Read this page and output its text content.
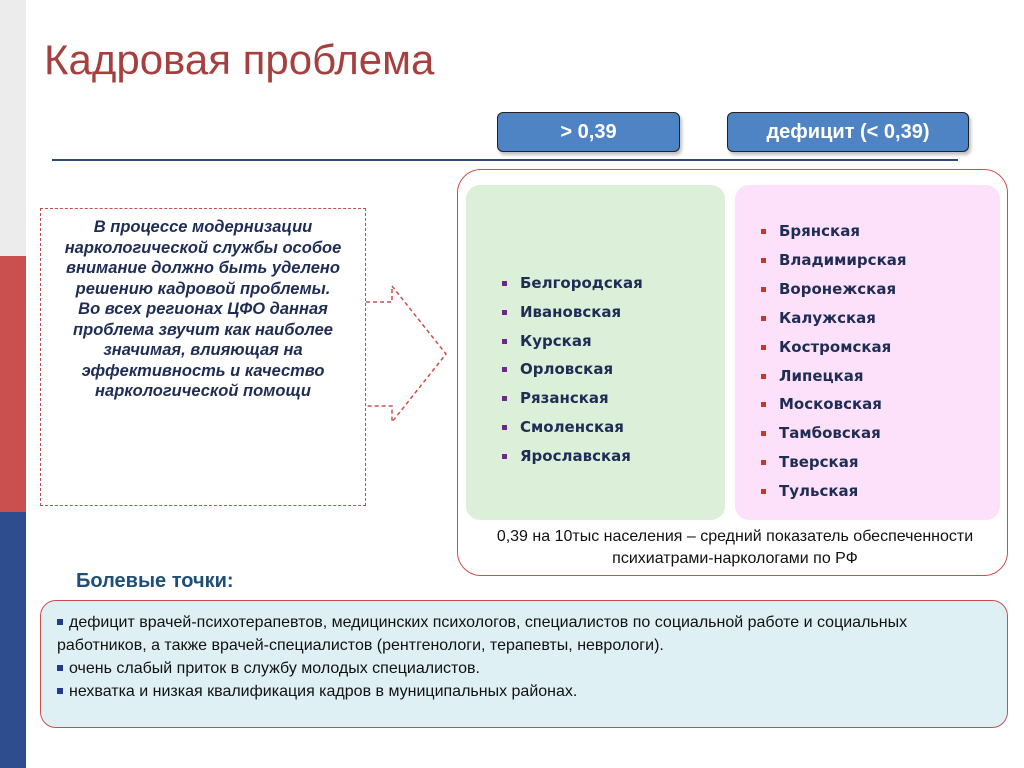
Кадровая проблема
> 0,39	дефицит (< 0,39)
В процессе модернизации наркологической службы особое внимание должно быть уделено решению кадровой проблемы.
Во всех регионах ЦФО данная проблема звучит как наиболее значимая, влияющая на эффективность и качество наркологической помощи
Белгородская
Ивановская
Курская
Орловская
Рязанская
Смоленская
Ярославская
Брянская
Владимирская
Воронежская
Калужская
Костромская
Липецкая
Московская
Тамбовская
Тверская
Тульская
0,39 на 10тыс населения – средний показатель обеспеченности психиатрами-наркологами по РФ
Болевые точки:
дефицит врачей-психотерапевтов, медицинских психологов, специалистов по социальной работе и социальных работников, а также врачей-специалистов (рентгенологи, терапевты, неврологи).
очень слабый приток в службу молодых специалистов.
нехватка и низкая квалификация кадров в муниципальных районах.
